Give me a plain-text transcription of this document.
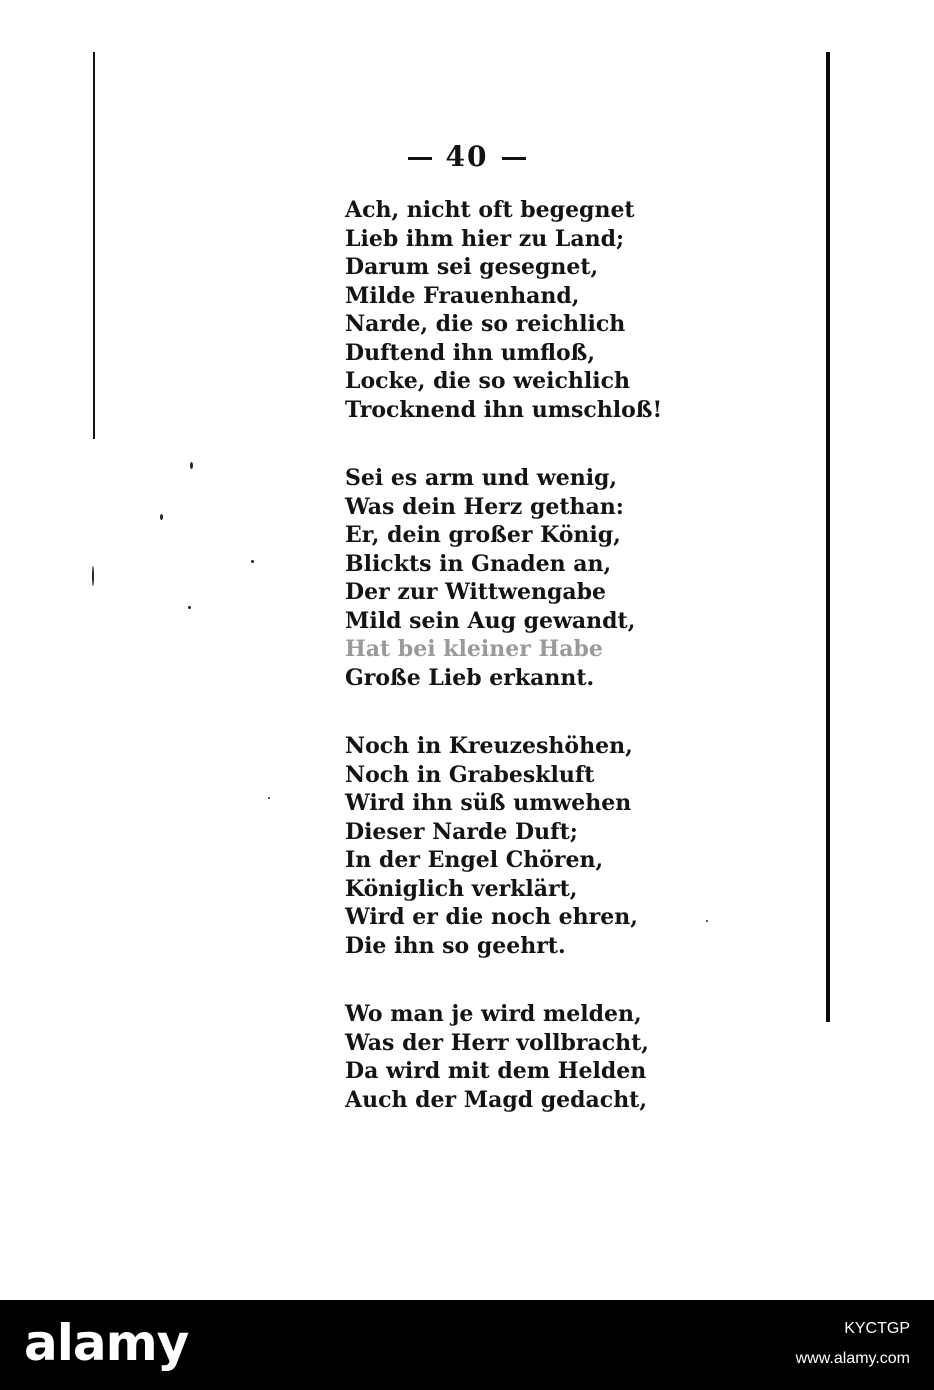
40
Ach, nicht oft begegnet
Lieb ihm hier zu Land;
Darum sei gesegnet,
Milde Frauenhand,
Narde, die so reichlich
Duftend ihn umfloß,
Locke, die so weichlich
Trocknend ihn umschloß!
Sei es arm und wenig,
Was dein Herz gethan:
Er, dein großer König,
Blickts in Gnaden an,
Der zur Wittwengabe
Mild sein Aug gewandt,
Hat bei kleiner Habe
Große Lieb erkannt.
Noch in Kreuzeshöhen,
Noch in Grabeskluft
Wird ihn süß umwehen
Dieser Narde Duft;
In der Engel Chören,
Königlich verklärt,
Wird er die noch ehren,
Die ihn so geehrt.
Wo man je wird melden,
Was der Herr vollbracht,
Da wird mit dem Helden
Auch der Magd gedacht,
alamy	KYCTGP
www.alamy.com
